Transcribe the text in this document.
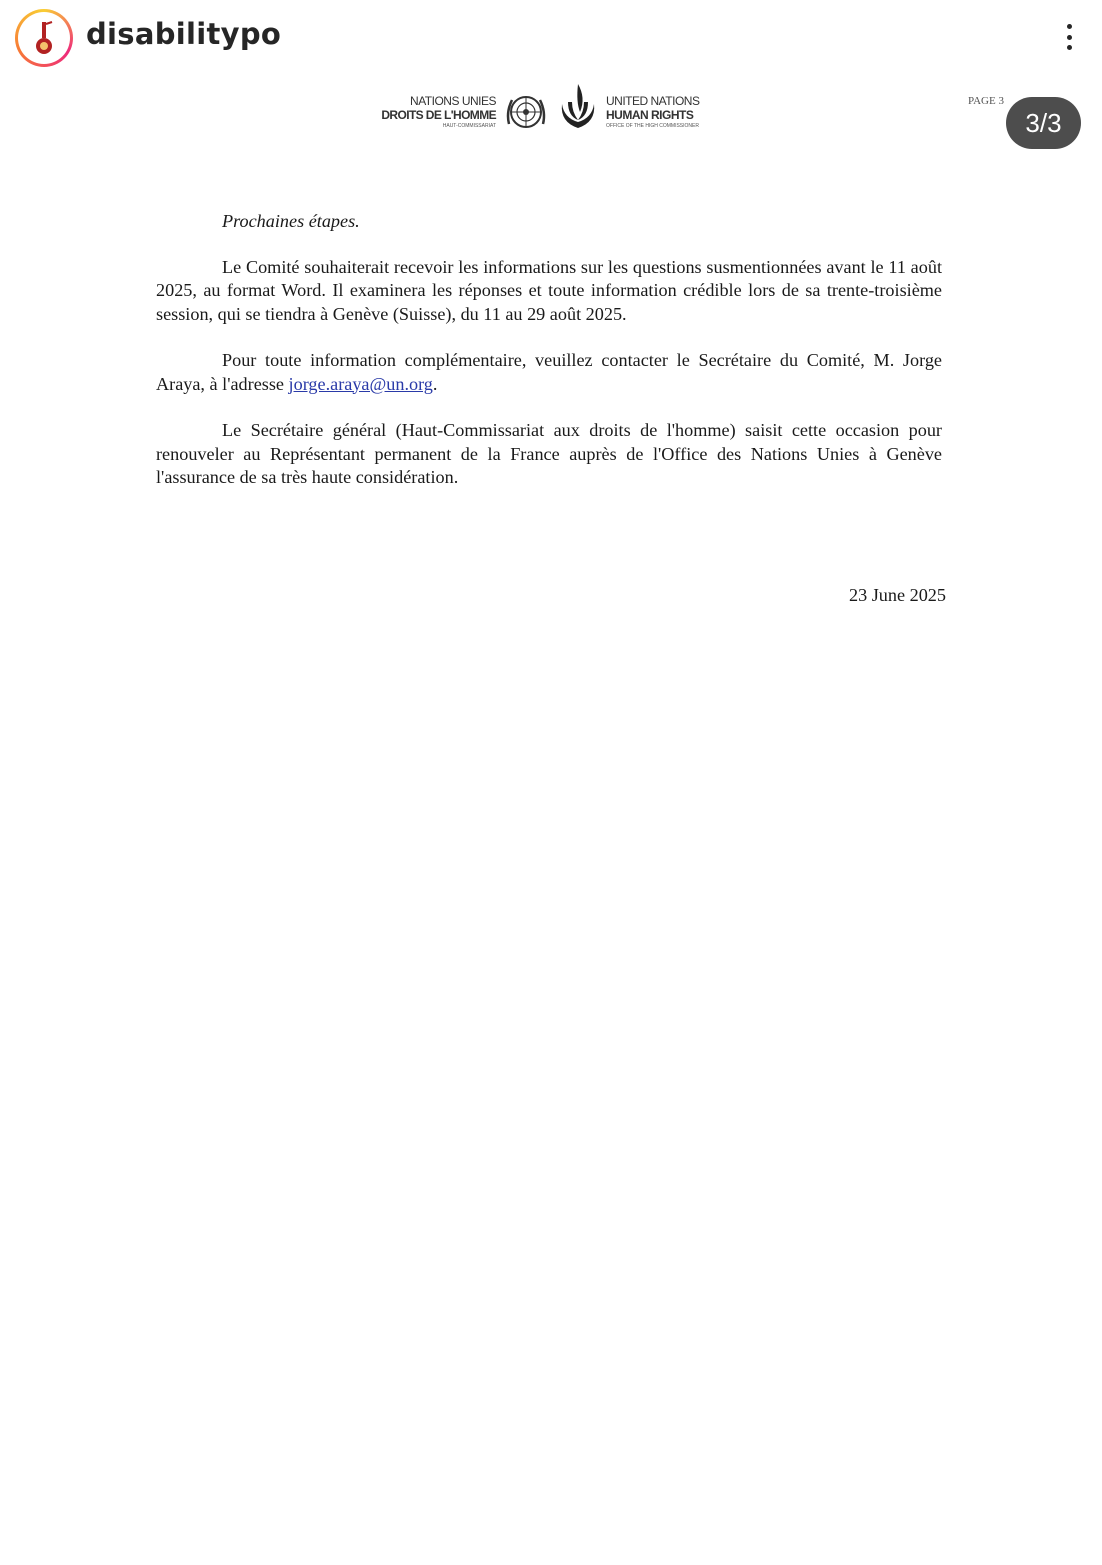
disabilitypo
NATIONS UNIES
DROITS DE L'HOMME
HAUT-COMMISSARIAT
UNITED NATIONS
HUMAN RIGHTS
OFFICE OF THE HIGH COMMISSIONER
PAGE 3
3/3

Prochaines étapes.

Le Comité souhaiterait recevoir les informations sur les questions susmentionnées avant le 11 août 2025, au format Word. Il examinera les réponses et toute information crédible lors de sa trente-troisième session, qui se tiendra à Genève (Suisse), du 11 au 29 août 2025.

Pour toute information complémentaire, veuillez contacter le Secrétaire du Comité, M. Jorge Araya, à l'adresse jorge.araya@un.org.

Le Secrétaire général (Haut-Commissariat aux droits de l'homme) saisit cette occasion pour renouveler au Représentant permanent de la France auprès de l'Office des Nations Unies à Genève l'assurance de sa très haute considération.

23 June 2025
